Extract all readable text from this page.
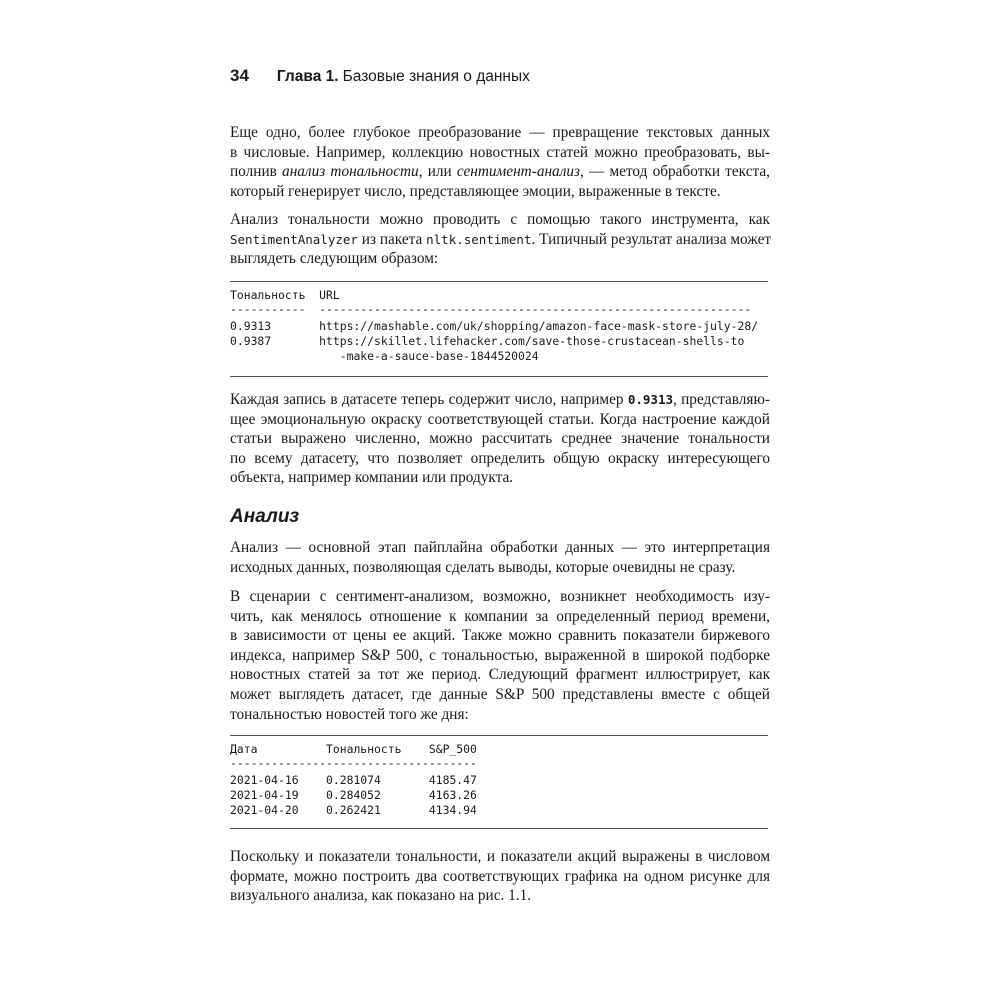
34 Глава 1. Базовые знания о данных
Еще одно, более глубокое преобразование — превращение текстовых данных
в числовые. Например, коллекцию новостных статей можно преобразовать, вы-
полнив анализ тональности, или сентимент-анализ, — метод обработки текста,
который генерирует число, представляющее эмоции, выраженные в тексте.
Анализ тональности можно проводить с помощью такого инструмента, как
SentimentAnalyzer из пакета nltk.sentiment. Типичный результат анализа может
выглядеть следующим образом:
Тональность  URL
-----------  ---------------------------------------------------------------
0.9313       https://mashable.com/uk/shopping/amazon-face-mask-store-july-28/
0.9387       https://skillet.lifehacker.com/save-those-crustacean-shells-to
-make-a-sauce-base-1844520024
Каждая запись в датасете теперь содержит число, например 0.9313, представляю-
щее эмоциональную окраску соответствующей статьи. Когда настроение каждой
статьи выражено численно, можно рассчитать среднее значение тональности
по всему датасету, что позволяет определить общую окраску интересующего
объекта, например компании или продукта.
Анализ
Анализ — основной этап пайплайна обработки данных — это интерпретация
исходных данных, позволяющая сделать выводы, которые очевидны не сразу.
В сценарии с сентимент-анализом, возможно, возникнет необходимость изу-
чить, как менялось отношение к компании за определенный период времени,
в зависимости от цены ее акций. Также можно сравнить показатели биржевого
индекса, например S&P 500, с тональностью, выраженной в широкой подборке
новостных статей за тот же период. Следующий фрагмент иллюстрирует, как
может выглядеть датасет, где данные S&P 500 представлены вместе с общей
тональностью новостей того же дня:
Дата          Тональность    S&P_500
------------------------------------
2021-04-16    0.281074       4185.47
2021-04-19    0.284052       4163.26
2021-04-20    0.262421       4134.94
Поскольку и показатели тональности, и показатели акций выражены в числовом
формате, можно построить два соответствующих графика на одном рисунке для
визуального анализа, как показано на рис. 1.1.
